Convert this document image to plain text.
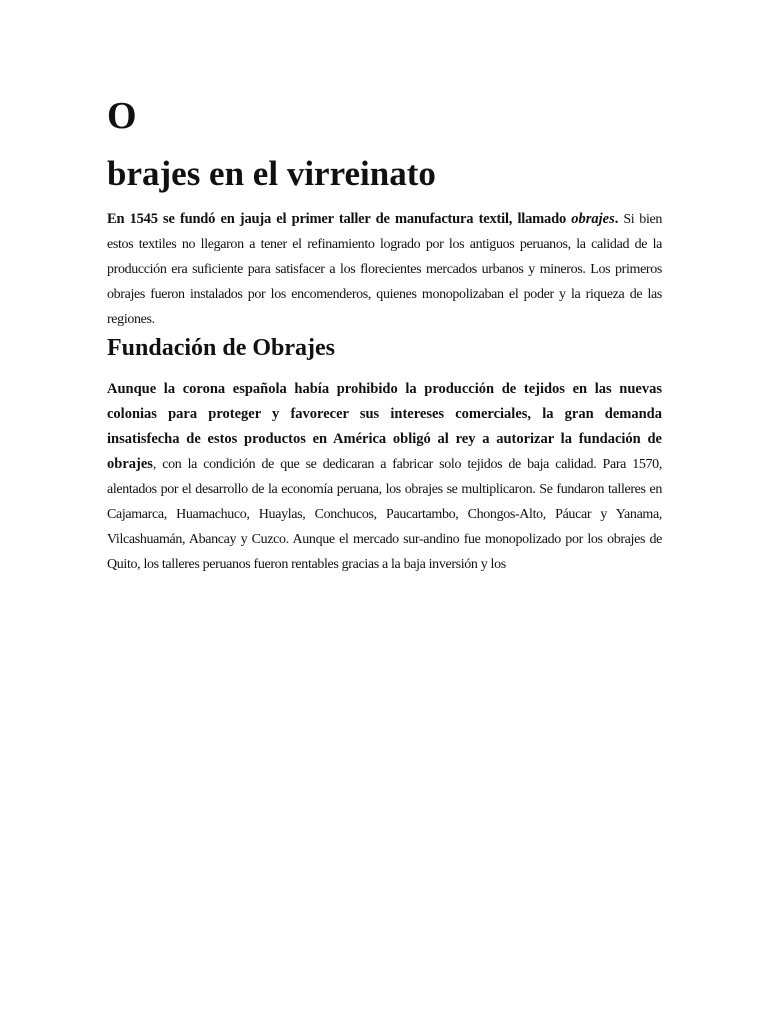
O
brajes en el virreinato

En 1545 se fundó en jauja el primer taller de manufactura textil, llamado obrajes. Si bien estos textiles no llegaron a tener el refinamiento logrado por los antiguos peruanos, la calidad de la producción era suficiente para satisfacer a los florecientes mercados urbanos y mineros. Los primeros obrajes fueron instalados por los encomenderos, quienes monopolizaban el poder y la riqueza de las regiones.

Fundación de Obrajes

Aunque la corona española había prohibido la producción de tejidos en las nuevas colonias para proteger y favorecer sus intereses comerciales, la gran demanda insatisfecha de estos productos en América obligó al rey a autorizar la fundación de obrajes, con la condición de que se dedicaran a fabricar solo tejidos de baja calidad. Para 1570, alentados por el desarrollo de la economía peruana, los obrajes se multiplicaron. Se fundaron talleres en Cajamarca, Huamachuco, Huaylas, Conchucos, Paucartambo, Chongos-Alto, Páucar y Yanama, Vilcashuamán, Abancay y Cuzco. Aunque el mercado sur-andino fue monopolizado por los obrajes de Quito, los talleres peruanos fueron rentables gracias a la baja inversión y los
